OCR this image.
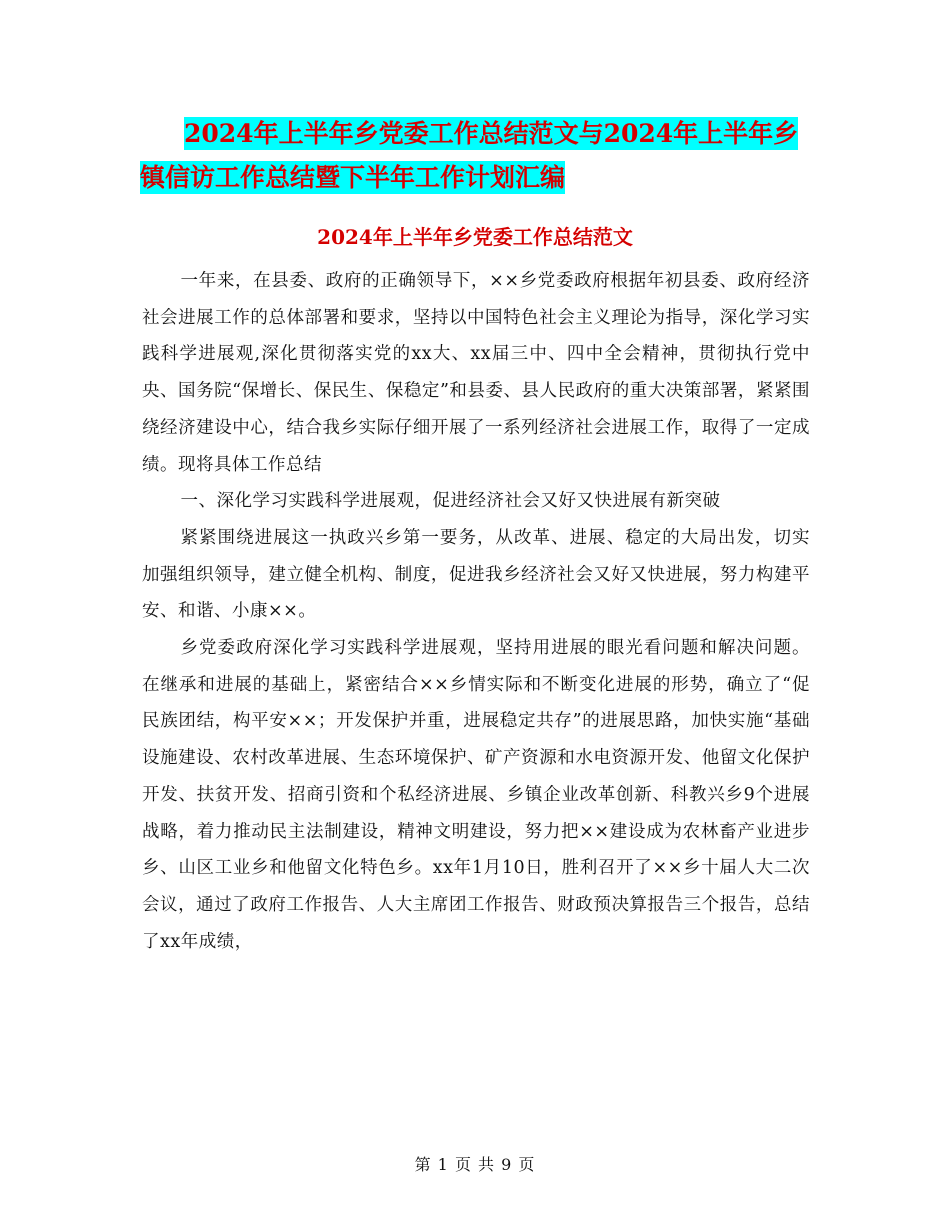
2024年上半年乡党委工作总结范文与2024年上半年乡
镇信访工作总结暨下半年工作计划汇编
2024年上半年乡党委工作总结范文

一年来，在县委、政府的正确领导下，××乡党委政府根据年初县委、政府经济社会进展工作的总体部署和要求，坚持以中国特色社会主义理论为指导，深化学习实践科学进展观,深化贯彻落实党的xx大、xx届三中、四中全会精神，贯彻执行党中央、国务院“保增长、保民生、保稳定”和县委、县人民政府的重大决策部署，紧紧围绕经济建设中心，结合我乡实际仔细开展了一系列经济社会进展工作，取得了一定成绩。现将具体工作总结

一、深化学习实践科学进展观，促进经济社会又好又快进展有新突破

紧紧围绕进展这一执政兴乡第一要务，从改革、进展、稳定的大局出发，切实加强组织领导，建立健全机构、制度，促进我乡经济社会又好又快进展，努力构建平安、和谐、小康××。

乡党委政府深化学习实践科学进展观，坚持用进展的眼光看问题和解决问题。在继承和进展的基础上，紧密结合××乡情实际和不断变化进展的形势，确立了“促民族团结，构平安××；开发保护并重，进展稳定共存”的进展思路，加快实施“基础设施建设、农村改革进展、生态环境保护、矿产资源和水电资源开发、他留文化保护开发、扶贫开发、招商引资和个私经济进展、乡镇企业改革创新、科教兴乡9个进展战略，着力推动民主法制建设，精神文明建设，努力把××建设成为农林畜产业进步乡、山区工业乡和他留文化特色乡。xx年1月10日，胜利召开了××乡十届人大二次会议，通过了政府工作报告、人大主席团工作报告、财政预决算报告三个报告，总结了xx年成绩，

第 1 页 共 9 页
